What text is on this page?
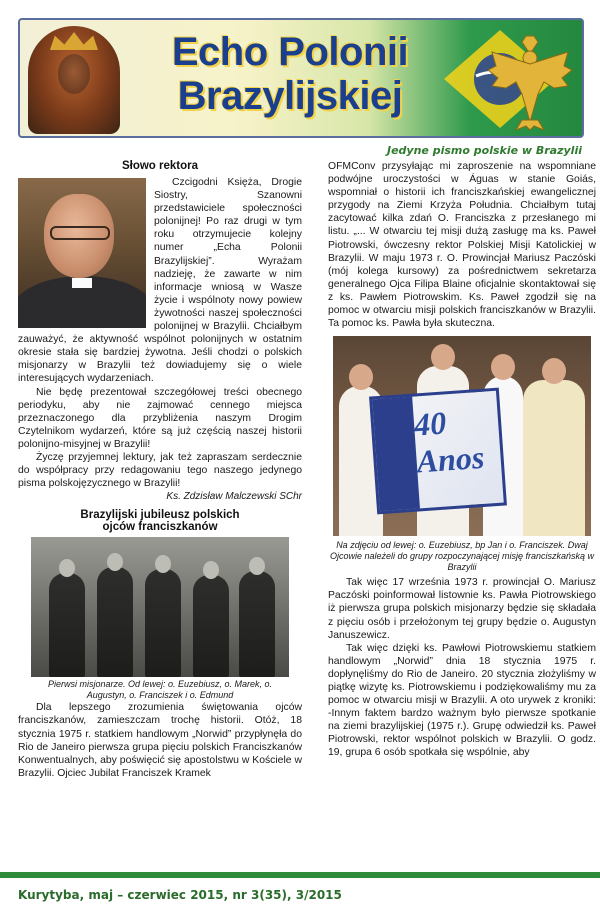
Echo Polonii
Brazylijskiej
Jedyne pismo polskie w Brazylii
Słowo rektora

Czcigodni Księża, Drogie Siostry, Szanowni przedstawiciele społeczności polonijnej! Po raz drugi w tym roku otrzymujecie kolejny numer „Echa Polonii Brazylijskiej”. Wyrażam nadzieję, że zawarte w nim informacje wniosą w Wasze życie i wspólnoty nowy powiew żywotności naszej społeczności polonijnej w Brazylii. Chciałbym zauważyć, że aktywność wspólnot polonijnych w ostatnim okresie stała się bardziej żywotna. Jeśli chodzi o polskich misjonarzy w Brazylii też dowiadujemy się o wiele interesujących wydarzeniach.

Nie będę prezentował szczegółowej treści obecnego periodyku, aby nie zajmować cennego miejsca przeznaczonego dla przybliżenia naszym Drogim Czytelnikom wydarzeń, które są już częścią naszej historii polonijno-misyjnej w Brazylii!

Życzę przyjemnej lektury, jak też zapraszam serdecznie do współpracy przy redagowaniu tego naszego jedynego pisma polskojęzycznego w Brazylii!

Ks. Zdzisław Malczewski SChr
Brazylijski jubileusz polskich ojców franciszkanów
Pierwsi misjonarze. Od lewej: o. Euzebiusz, o. Marek, o. Augustyn, o. Franciszek i o. Edmund

Dla lepszego zrozumienia świętowania ojców franciszkanów, zamieszczam trochę historii. Otóż, 18 stycznia 1975 r. statkiem handlowym „Norwid” przypłynęła do Rio de Janeiro pierwsza grupa pięciu polskich Franciszkanów Konwentualnych, aby poświęcić się apostolstwu w Kościele w Brazylii. Ojciec Jubilat Franciszek Kramek

OFMConv przysyłając mi zaproszenie na wspomniane podwójne uroczystości w Águas w stanie Goiás, wspomniał o historii ich franciszkańskiej ewangelicznej przygody na Ziemi Krzyża Południa. Chciałbym tutaj zacytować kilka zdań O. Franciszka z przesłanego mi listu. „... W otwarciu tej misji dużą zasługę ma ks. Paweł Piotrowski, ówczesny rektor Polskiej Misji Katolickiej w Brazylii. W maju 1973 r. O. Prowincjał Mariusz Paczóski (mój kolega kursowy) za pośrednictwem sekretarza generalnego Ojca Filipa Blaine oficjalnie skontaktował się z ks. Pawłem Piotrowskim. Ks. Paweł zgodził się na pomoc w otwarciu misji polskich franciszkanów w Brazylii. Ta pomoc ks. Pawła była skuteczna.
40 Anos
Na zdjęciu od lewej: o. Euzebiusz, bp Jan i o. Franciszek. Dwaj Ojcowie należeli do grupy rozpoczynającej misję franciszkańską w Brazylii

Tak więc 17 września 1973 r. prowincjał O. Mariusz Paczóski poinformował listownie ks. Pawła Piotrowskiego iż pierwsza grupa polskich misjonarzy będzie się składała z pięciu osób i przełożonym tej grupy będzie o. Augustyn Januszewicz.

Tak więc dzięki ks. Pawłowi Piotrowskiemu statkiem handlowym „Norwid” dnia 18 stycznia 1975 r. dopłynęliśmy do Rio de Janeiro. 20 stycznia złożyliśmy w piątkę wizytę ks. Piotrowskiemu i podziękowaliśmy mu za pomoc w otwarciu misji w Brazylii. A oto urywek z kroniki: -Innym faktem bardzo ważnym było pierwsze spotkanie na ziemi brazylijskiej (1975 r.). Grupę odwiedził ks. Paweł Piotrowski, rektor wspólnot polskich w Brazylii. O godz. 19, grupa 6 osób spotkała się wspólnie, aby

Kurytyba, maj – czerwiec 2015, nr 3(35), 3/2015
